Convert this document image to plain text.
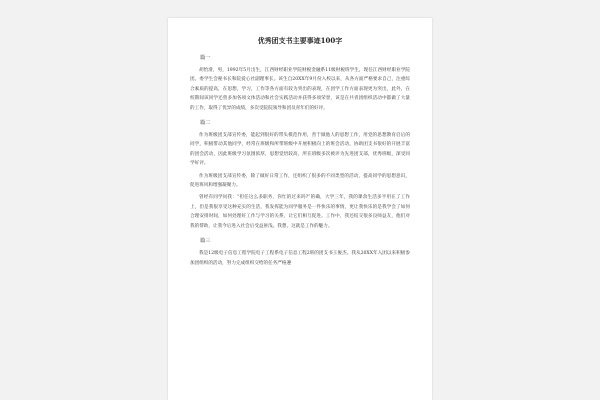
优秀团支书主要事迹100字
篇一

胡怡滑，男，1992年5月出生，江西财经职业学院财税金融系11级财税班学生，现任江西财经职业学院团。委学生会秘书长和院爱心社副理事长。该生自20XX年9月份入校以来，从各方面严格要求自己，注重综合素质的提高，在思想，学习，工作等各方面有较为突出的表现，在团学工作方面表现更为突出，此外，在校期间该同学还曾多加各项文体活动和社会实践活动并获得多项荣誉，该是在共青团组织活动中都做了大量的工作，取得了优异的成绩，多次受院院领导和团员青年们的好评。

篇二

作为班级团支部宣传委，能起到很好的带头模范作用，善于做他人的思想工作，用党的思想教育启后的同学，积极带动其他同学，经常在班级和所带班级中开展积极向上的班会活动，协助团支书很好的开展丰富的团会活动，因此班级学习氛围浓厚，思想觉悟较高，所在班级多次被评为先进团支部，优秀班级，深受同学好评。

作为班级团支部宣传委，除了做好日常工作，还组织了很多的不同类型的活动，提高同学的思想意识，促进班风和增强凝聚力。

曾经有同学问我：“担任这么多职务，你忙的过来吗?”的确，大学三年，我的课余生活多半用在了工作上，但是我很享受这种充实的生活，我发挥能为同学服务是一件快乐的事情，更让我快乐的是我学会了如何合理安排时间，如何处理好工作与学习的关系，让它们相互促进。工作中，我还结交很多良师益友，他们对我的帮助，让我今后进入社会后受益匪浅。我想，这就是工作的魅力。

篇三

我是12级电子信息工程学院电子工程系电子信息工程2班的团支书王俊杰。我从20XX年入团以来积极参加团组织的活动，努力完成组织交给的任务严格遵
